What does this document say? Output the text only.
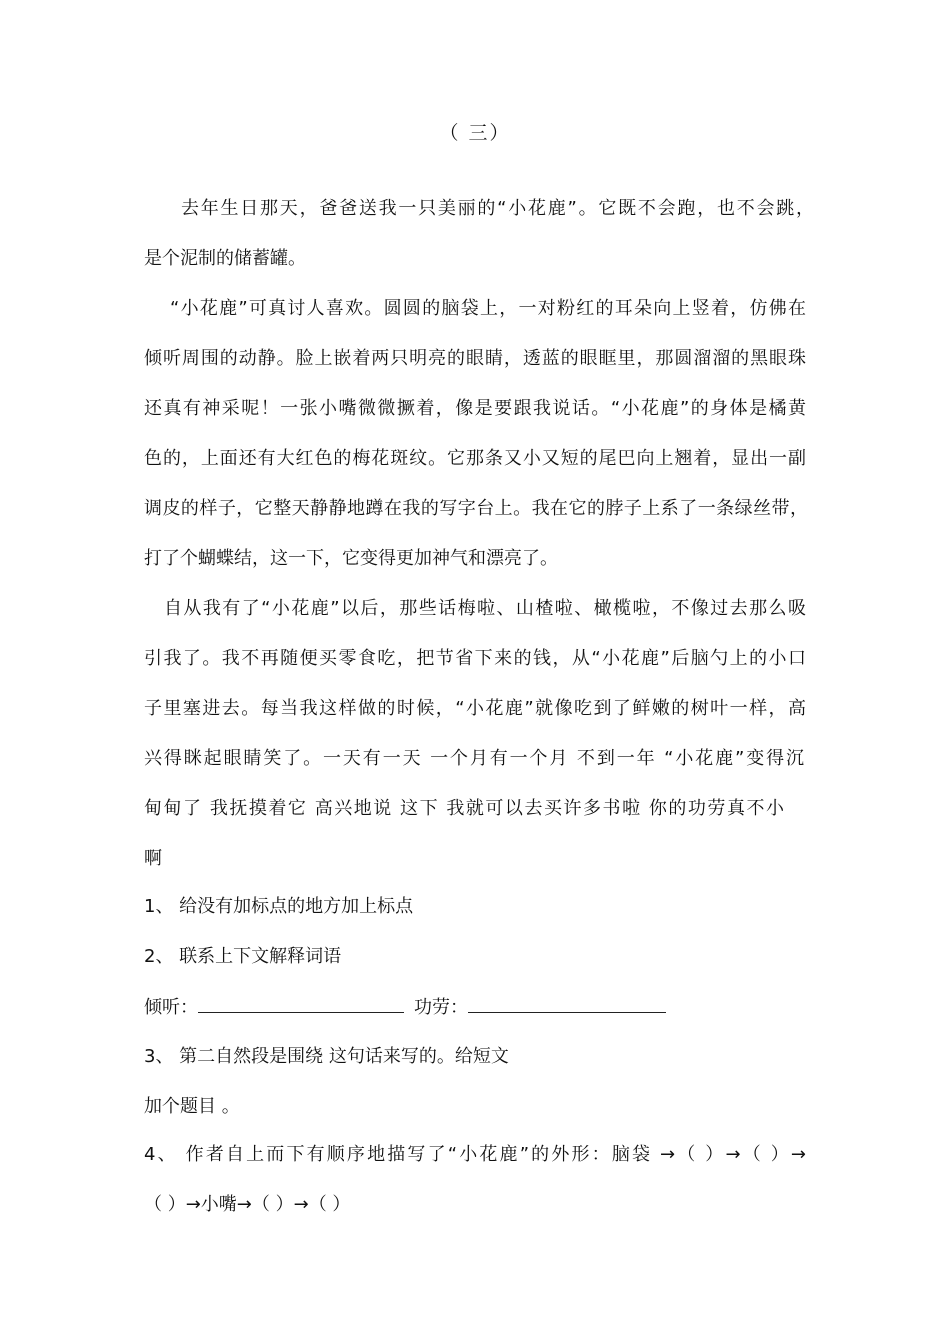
（ 三）
去年生日那天，爸爸送我一只美丽的“小花鹿”。它既不会跑，也不会跳，
是个泥制的储蓄罐。
“小花鹿”可真讨人喜欢。圆圆的脑袋上，一对粉红的耳朵向上竖着，仿佛在
倾听周围的动静。脸上嵌着两只明亮的眼睛，透蓝的眼眶里，那圆溜溜的黑眼珠
还真有神采呢！一张小嘴微微撅着，像是要跟我说话。“小花鹿”的身体是橘黄
色的，上面还有大红色的梅花斑纹。它那条又小又短的尾巴向上翘着，显出一副
调皮的样子，它整天静静地蹲在我的写字台上。我在它的脖子上系了一条绿丝带，
打了个蝴蝶结，这一下，它变得更加神气和漂亮了。
自从我有了“小花鹿”以后，那些话梅啦、山楂啦、橄榄啦，不像过去那么吸
引我了。我不再随便买零食吃，把节省下来的钱，从“小花鹿”后脑勺上的小口
子里塞进去。每当我这样做的时候，“小花鹿”就像吃到了鲜嫩的树叶一样，高
兴得眯起眼睛笑了。一天有一天 一个月有一个月 不到一年 “小花鹿”变得沉
甸甸了 我抚摸着它 高兴地说 这下 我就可以去买许多书啦 你的功劳真不小
啊
1、 给没有加标点的地方加上标点
2、 联系上下文解释词语
倾听：	功劳：
3、 第二自然段是围绕 这句话来写的。给短文
加个题目 。
4、 作者自上而下有顺序地描写了“小花鹿”的外形：脑袋 →（ ）→（ ）→
（ ）→小嘴→（ ）→（ ）
